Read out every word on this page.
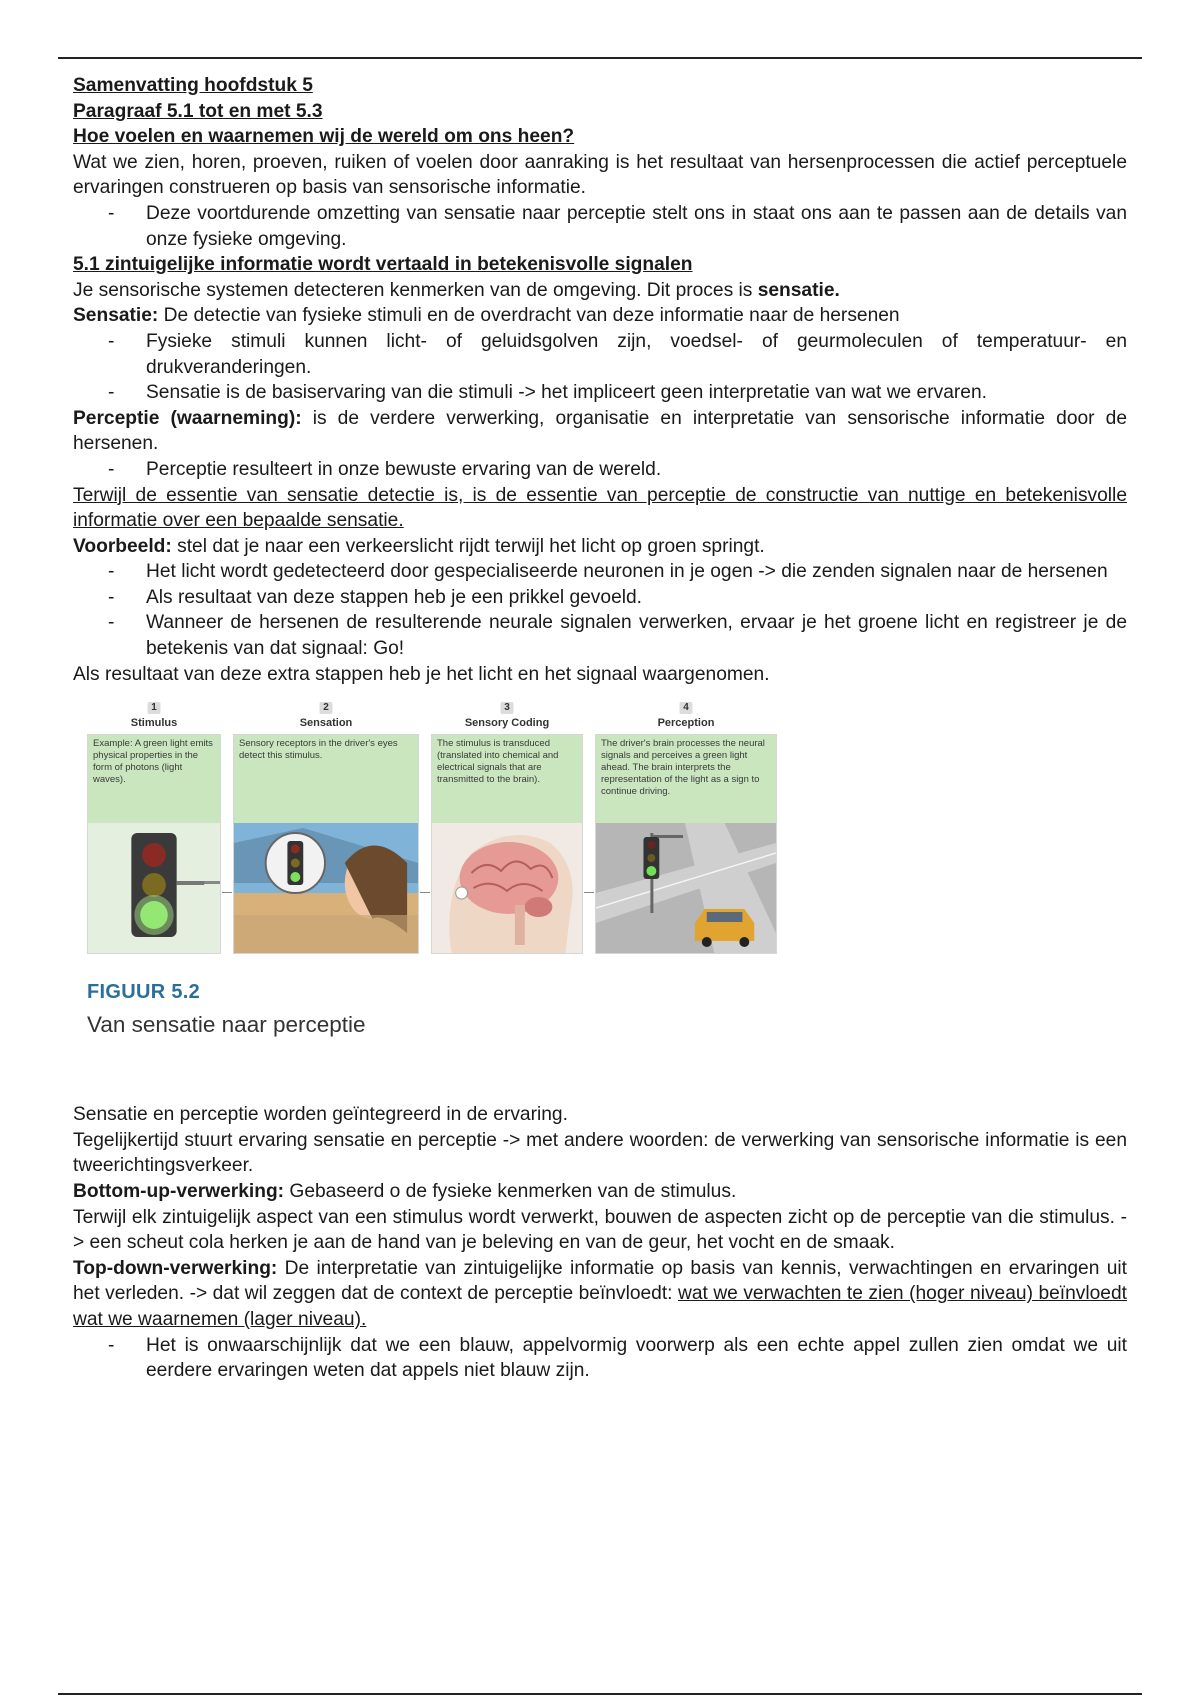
Samenvatting hoofdstuk 5

Paragraaf 5.1 tot en met 5.3

Hoe voelen en waarnemen wij de wereld om ons heen?

Wat we zien, horen, proeven, ruiken of voelen door aanraking is het resultaat van hersenprocessen die actief perceptuele ervaringen construeren op basis van sensorische informatie.

- Deze voortdurende omzetting van sensatie naar perceptie stelt ons in staat ons aan te passen aan de details van onze fysieke omgeving.

5.1 zintuigelijke informatie wordt vertaald in betekenisvolle signalen

Je sensorische systemen detecteren kenmerken van de omgeving. Dit proces is sensatie.

Sensatie: De detectie van fysieke stimuli en de overdracht van deze informatie naar de hersenen

- Fysieke stimuli kunnen licht- of geluidsgolven zijn, voedsel- of geurmoleculen of temperatuur- en drukveranderingen.
- Sensatie is de basiservaring van die stimuli -> het impliceert geen interpretatie van wat we ervaren.

Perceptie (waarneming): is de verdere verwerking, organisatie en interpretatie van sensorische informatie door de hersenen.

- Perceptie resulteert in onze bewuste ervaring van de wereld.

Terwijl de essentie van sensatie detectie is, is de essentie van perceptie de constructie van nuttige en betekenisvolle informatie over een bepaalde sensatie.

Voorbeeld: stel dat je naar een verkeerslicht rijdt terwijl het licht op groen springt.

- Het licht wordt gedetecteerd door gespecialiseerde neuronen in je ogen -> die zenden signalen naar de hersenen
- Als resultaat van deze stappen heb je een prikkel gevoeld.
- Wanneer de hersenen de resulterende neurale signalen verwerken, ervaar je het groene licht en registreer je de betekenis van dat signaal: Go!

Als resultaat van deze extra stappen heb je het licht en het signaal waargenomen.

1
Stimulus
Example: A green light emits physical properties in the form of photons (light waves).
2
Sensation
Sensory receptors in the driver's eyes detect this stimulus.
3
Sensory Coding
The stimulus is transduced (translated into chemical and electrical signals that are transmitted to the brain).
4
Perception
The driver's brain processes the neural signals and perceives a green light ahead. The brain interprets the representation of the light as a sign to continue driving.
FIGUUR 5.2
Van sensatie naar perceptie

Sensatie en perceptie worden geïntegreerd in de ervaring.

Tegelijkertijd stuurt ervaring sensatie en perceptie -> met andere woorden: de verwerking van sensorische informatie is een tweerichtingsverkeer.

Bottom-up-verwerking: Gebaseerd o de fysieke kenmerken van de stimulus.

Terwijl elk zintuigelijk aspect van een stimulus wordt verwerkt, bouwen de aspecten zicht op de perceptie van die stimulus. -> een scheut cola herken je aan de hand van je beleving en van de geur, het vocht en de smaak.

Top-down-verwerking: De interpretatie van zintuigelijke informatie op basis van kennis, verwachtingen en ervaringen uit het verleden. -> dat wil zeggen dat de context de perceptie beïnvloedt: wat we verwachten te zien (hoger niveau) beïnvloedt wat we waarnemen (lager niveau).

- Het is onwaarschijnlijk dat we een blauw, appelvormig voorwerp als een echte appel zullen zien omdat we uit eerdere ervaringen weten dat appels niet blauw zijn.
